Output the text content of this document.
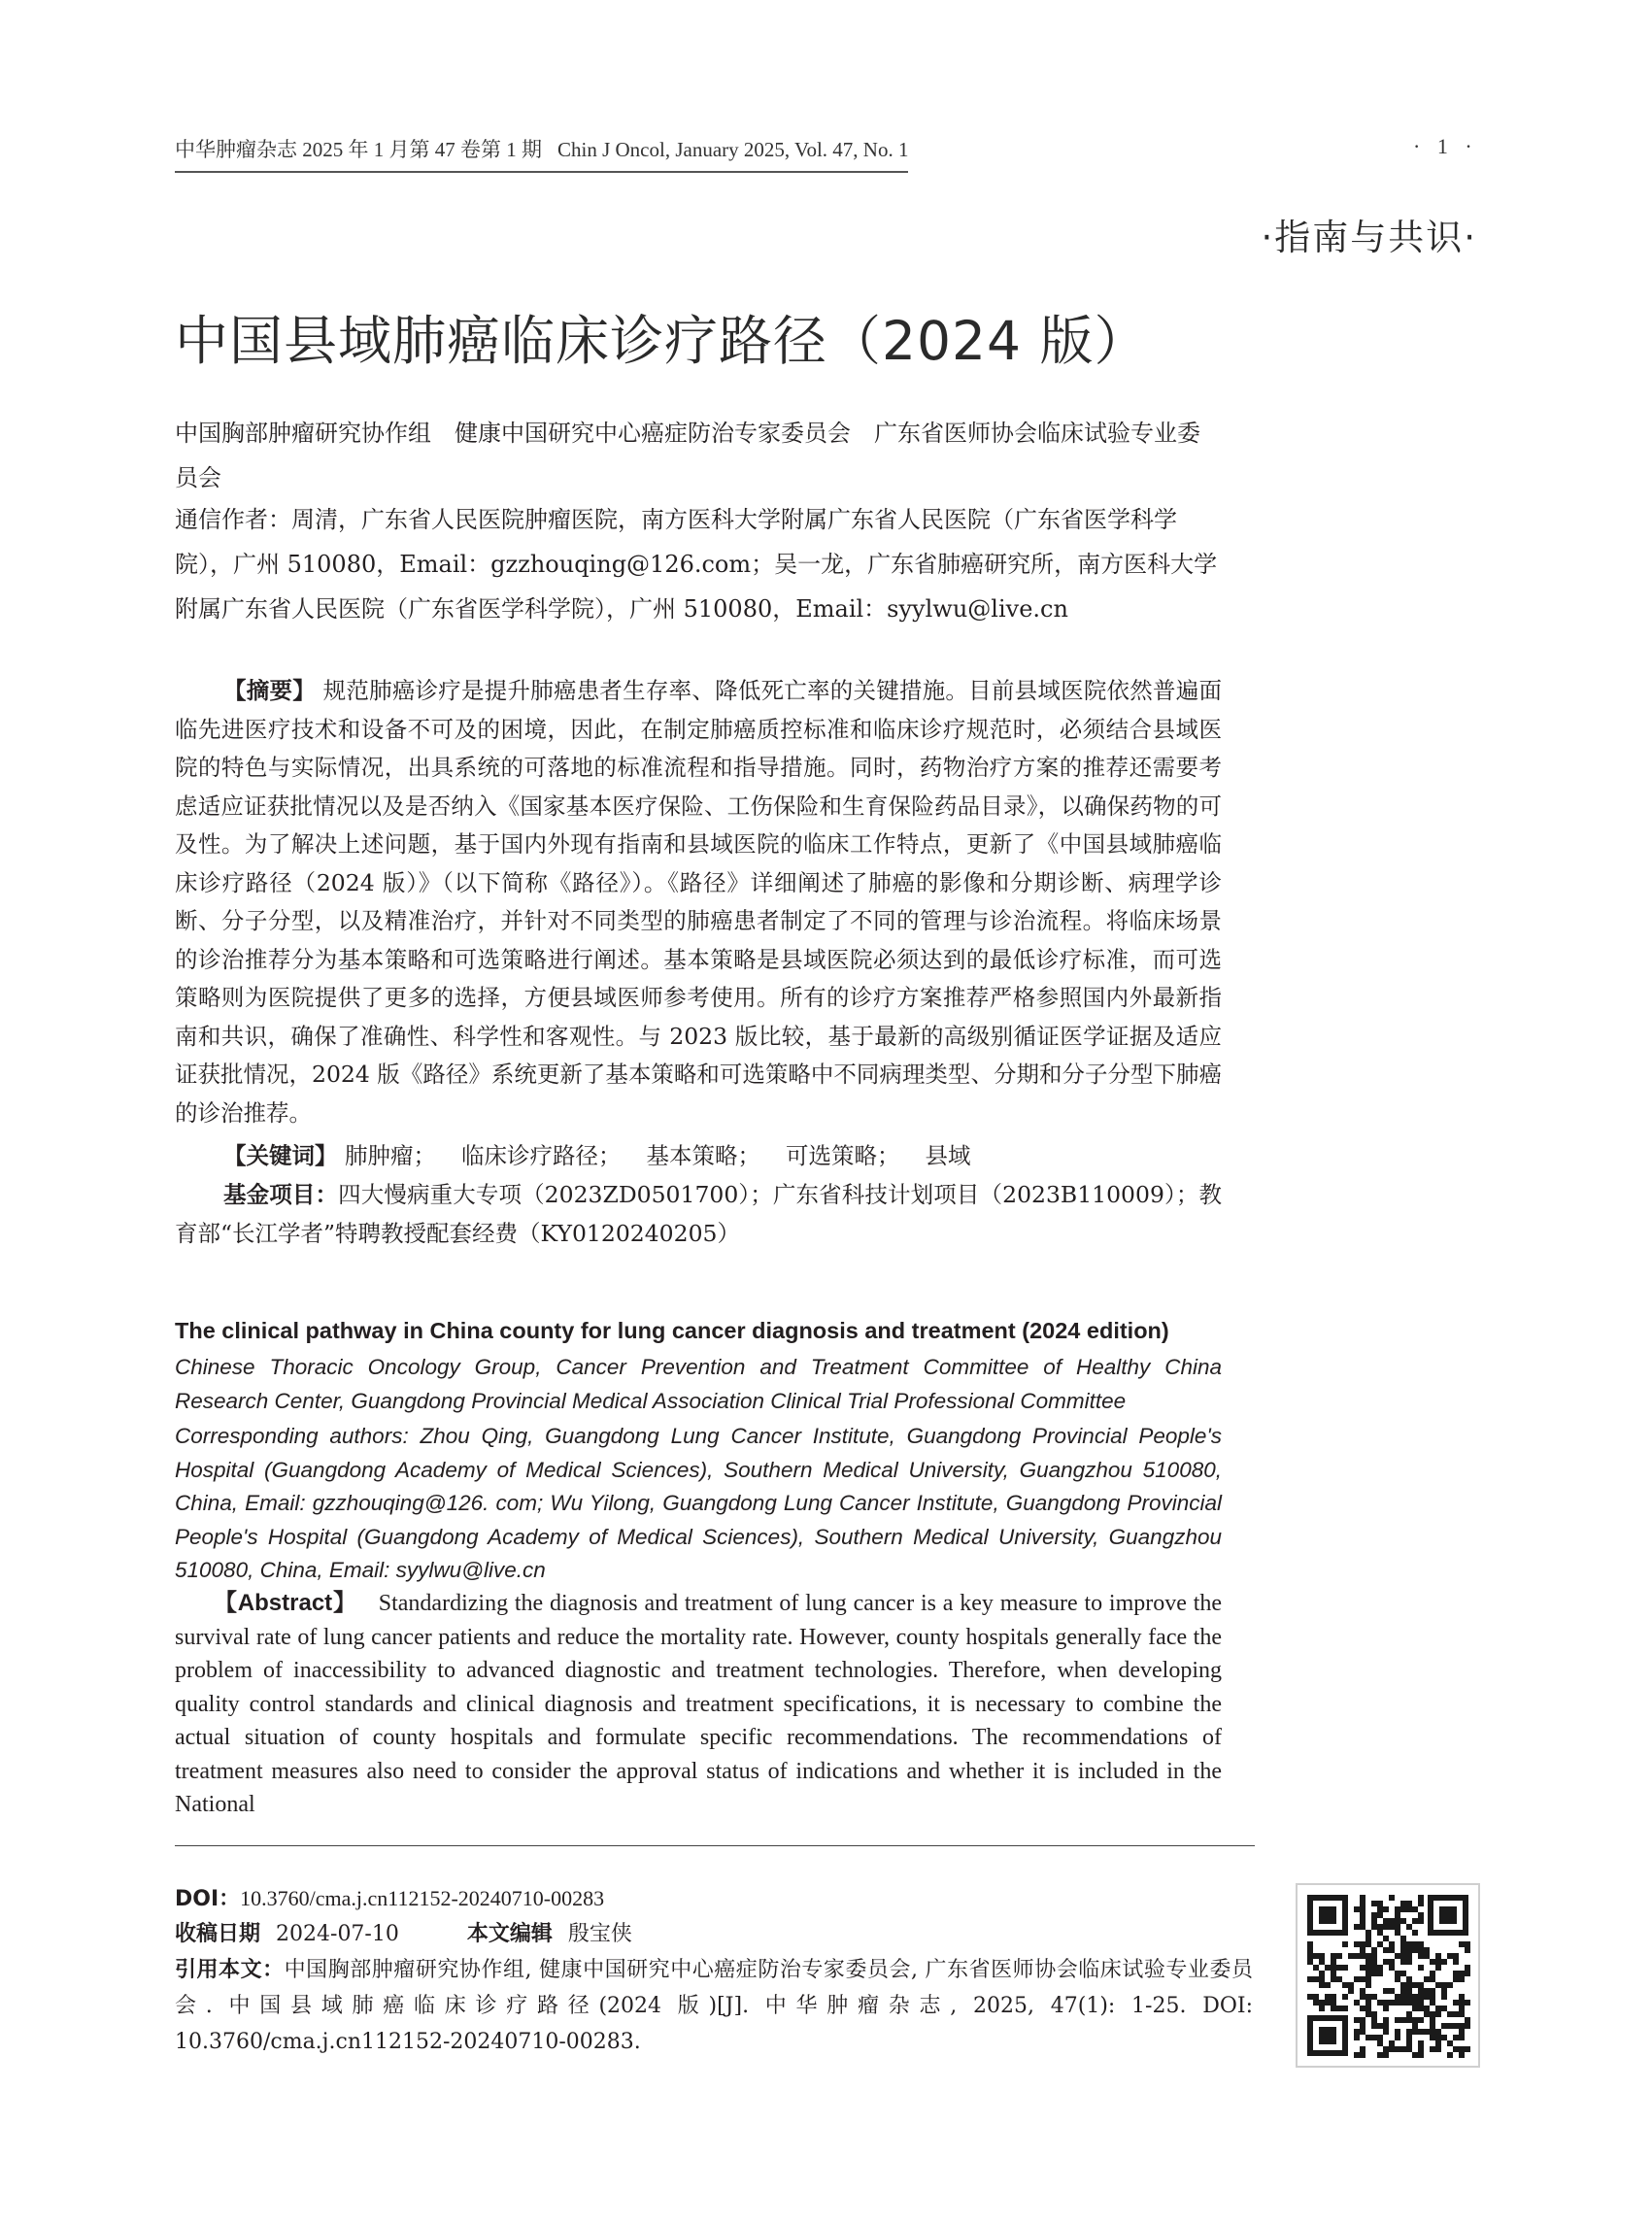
中华肿瘤杂志 2025 年 1 月第 47 卷第 1 期 Chin J Oncol, January 2025, Vol. 47, No. 1	· 1 ·
·指南与共识·
中国县域肺癌临床诊疗路径（2024 版）
中国胸部肿瘤研究协作组　健康中国研究中心癌症防治专家委员会　广东省医师协会临床试验专业委员会
通信作者：周清，广东省人民医院肿瘤医院，南方医科大学附属广东省人民医院（广东省医学科学院），广州 510080，Email：gzzhouqing@126.com；吴一龙，广东省肺癌研究所，南方医科大学附属广东省人民医院（广东省医学科学院），广州 510080，Email：syylwu@live.cn
【摘要】 规范肺癌诊疗是提升肺癌患者生存率、降低死亡率的关键措施。目前县域医院依然普遍面临先进医疗技术和设备不可及的困境，因此，在制定肺癌质控标准和临床诊疗规范时，必须结合县域医院的特色与实际情况，出具系统的可落地的标准流程和指导措施。同时，药物治疗方案的推荐还需要考虑适应证获批情况以及是否纳入《国家基本医疗保险、工伤保险和生育保险药品目录》，以确保药物的可及性。为了解决上述问题，基于国内外现有指南和县域医院的临床工作特点，更新了《中国县域肺癌临床诊疗路径（2024 版）》（以下简称《路径》）。《路径》详细阐述了肺癌的影像和分期诊断、病理学诊断、分子分型，以及精准治疗，并针对不同类型的肺癌患者制定了不同的管理与诊治流程。将临床场景的诊治推荐分为基本策略和可选策略进行阐述。基本策略是县域医院必须达到的最低诊疗标准，而可选策略则为医院提供了更多的选择，方便县域医师参考使用。所有的诊疗方案推荐严格参照国内外最新指南和共识，确保了准确性、科学性和客观性。与 2023 版比较，基于最新的高级别循证医学证据及适应证获批情况，2024 版《路径》系统更新了基本策略和可选策略中不同病理类型、分期和分子分型下肺癌的诊治推荐。
【关键词】 肺肿瘤； 临床诊疗路径； 基本策略； 可选策略； 县域
基金项目：四大慢病重大专项（2023ZD0501700）；广东省科技计划项目（2023B110009）；教育部“长江学者”特聘教授配套经费（KY0120240205）
The clinical pathway in China county for lung cancer diagnosis and treatment (2024 edition)
Chinese Thoracic Oncology Group, Cancer Prevention and Treatment Committee of Healthy China Research Center, Guangdong Provincial Medical Association Clinical Trial Professional Committee
Corresponding authors: Zhou Qing, Guangdong Lung Cancer Institute, Guangdong Provincial People's Hospital (Guangdong Academy of Medical Sciences), Southern Medical University, Guangzhou 510080, China, Email: gzzhouqing@126. com; Wu Yilong, Guangdong Lung Cancer Institute, Guangdong Provincial People's Hospital (Guangdong Academy of Medical Sciences), Southern Medical University, Guangzhou 510080, China, Email: syylwu@live.cn
【Abstract】 Standardizing the diagnosis and treatment of lung cancer is a key measure to improve the survival rate of lung cancer patients and reduce the mortality rate. However, county hospitals generally face the problem of inaccessibility to advanced diagnostic and treatment technologies. Therefore, when developing quality control standards and clinical diagnosis and treatment specifications, it is necessary to combine the actual situation of county hospitals and formulate specific recommendations. The recommendations of treatment measures also need to consider the approval status of indications and whether it is included in the National
DOI：10.3760/cma.j.cn112152-20240710-00283
收稿日期 2024-07-10	本文编辑 殷宝侠
引用本文：中国胸部肿瘤研究协作组, 健康中国研究中心癌症防治专家委员会, 广东省医师协会临床试验专业委员会. 中国县域肺癌临床诊疗路径(2024 版)[J]. 中华肿瘤杂志, 2025, 47(1): 1-25. DOI: 10.3760/cma.j.cn112152-20240710-00283.
